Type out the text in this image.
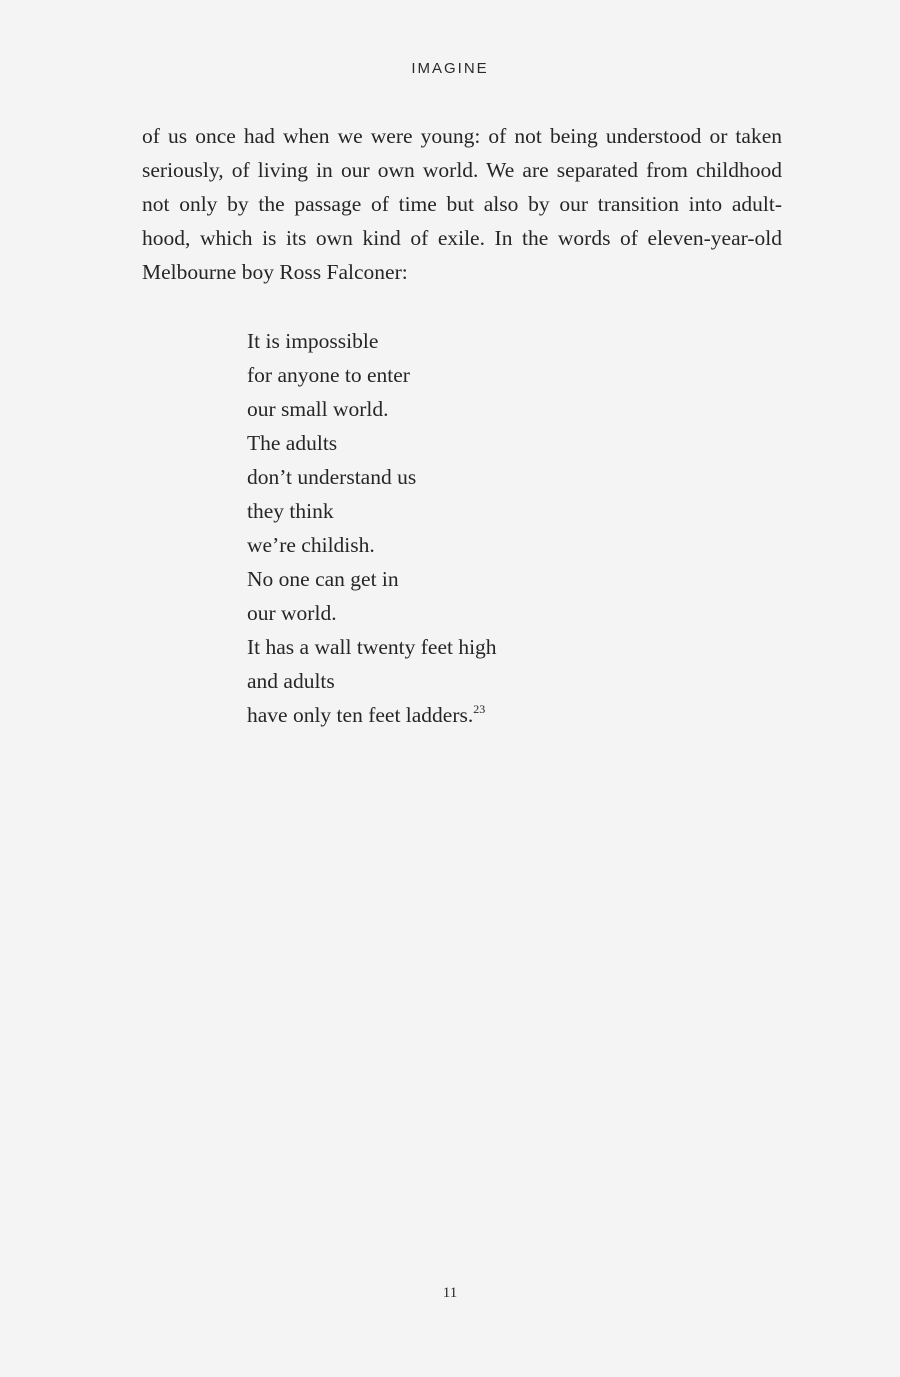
IMAGINE

of us once had when we were young: of not being understood or taken
seriously, of living in our own world. We are separated from childhood
not only by the passage of time but also by our transition into adult-
hood, which is its own kind of exile. In the words of eleven-year-old
Melbourne boy Ross Falconer:

It is impossible
for anyone to enter
our small world.
The adults
don’t understand us
they think
we’re childish.
No one can get in
our world.
It has a wall twenty feet high
and adults
have only ten feet ladders.$^{23}$
11
